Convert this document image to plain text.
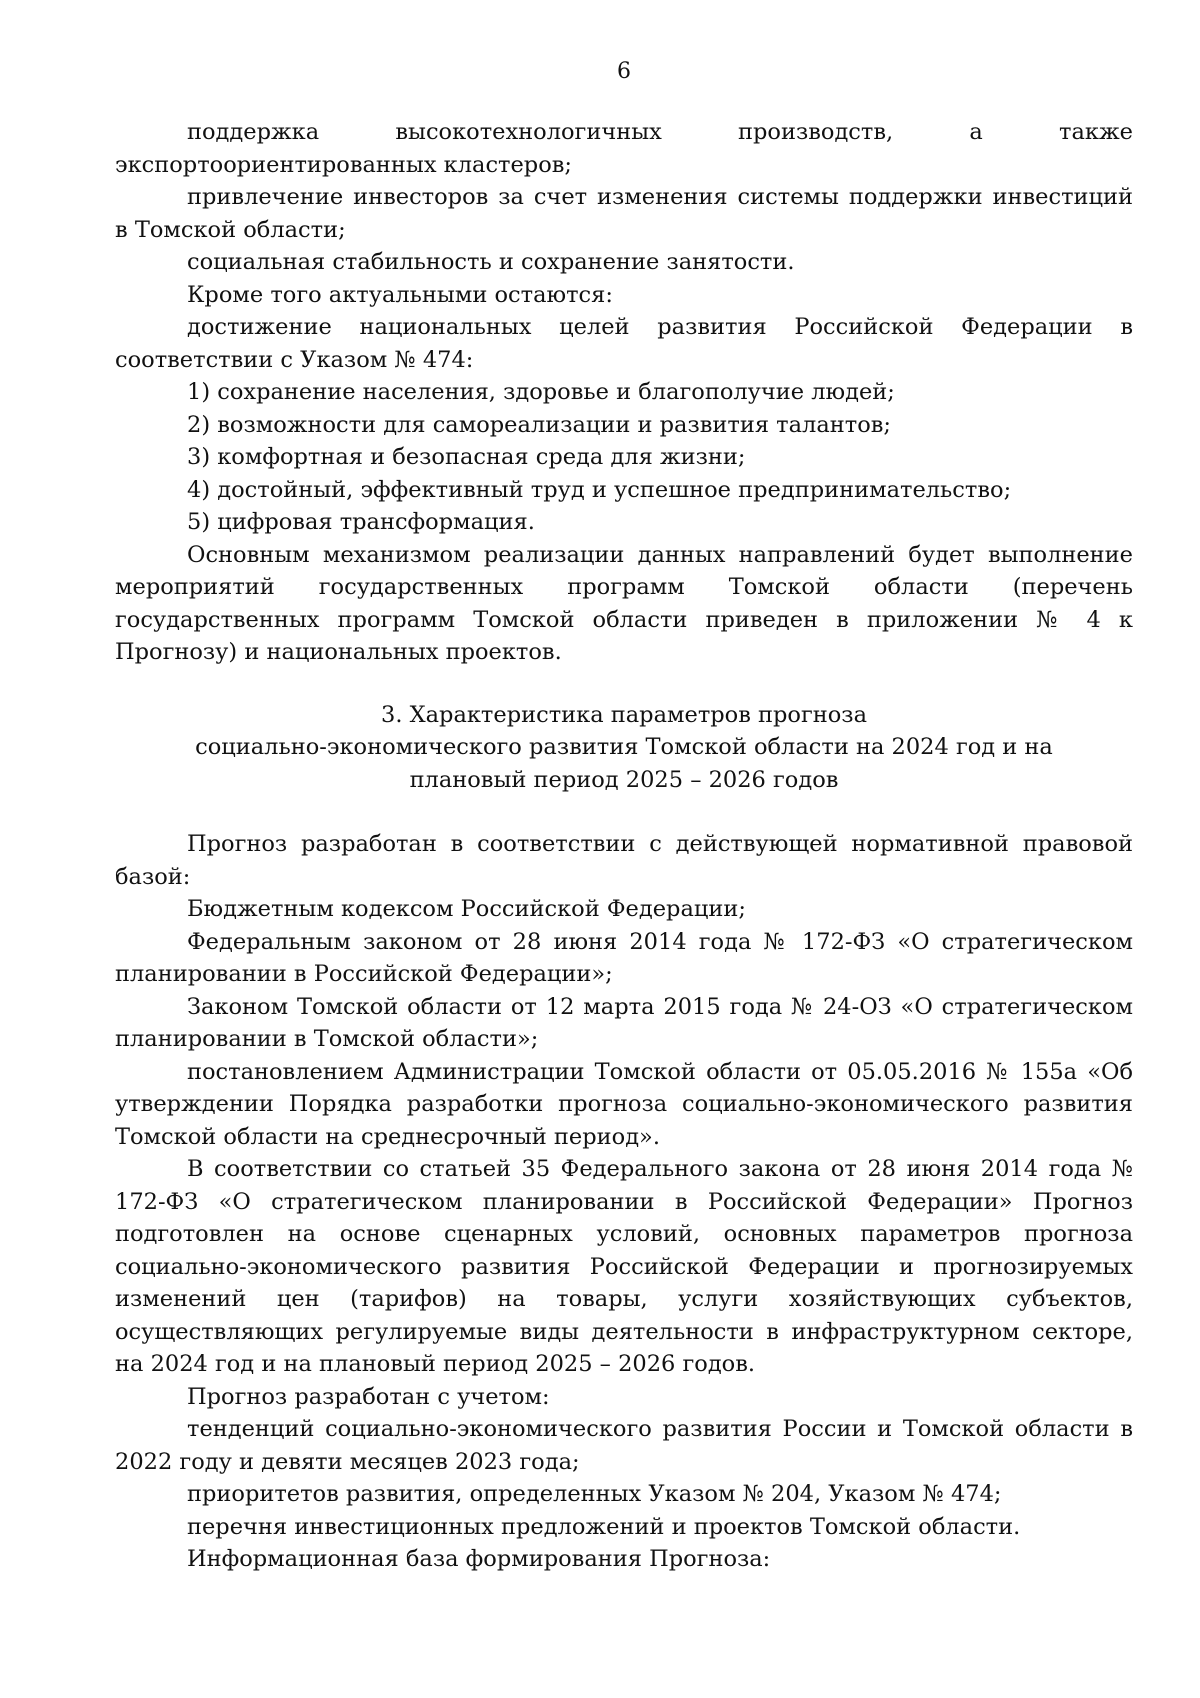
6

поддержка высокотехнологичных производств, а также экспортоориентированных кластеров;

привлечение инвесторов за счет изменения системы поддержки инвестиций в Томской области;

социальная стабильность и сохранение занятости.

Кроме того актуальными остаются:

достижение национальных целей развития Российской Федерации в соответствии с Указом № 474:

1) сохранение населения, здоровье и благополучие людей;

2) возможности для самореализации и развития талантов;

3) комфортная и безопасная среда для жизни;

4) достойный, эффективный труд и успешное предпринимательство;

5) цифровая трансформация.

Основным механизмом реализации данных направлений будет выполнение мероприятий государственных программ Томской области (перечень государственных программ Томской области приведен в приложении № 4 к Прогнозу) и национальных проектов.

3. Характеристика параметров прогноза

социально-экономического развития Томской области на 2024 год и на

плановый период 2025 – 2026 годов

Прогноз разработан в соответствии с действующей нормативной правовой базой:

Бюджетным кодексом Российской Федерации;

Федеральным законом от 28 июня 2014 года № 172-ФЗ «О стратегическом планировании в Российской Федерации»;

Законом Томской области от 12 марта 2015 года № 24-ОЗ «О стратегическом планировании в Томской области»;

постановлением Администрации Томской области от 05.05.2016 № 155а «Об утверждении Порядка разработки прогноза социально-экономического развития Томской области на среднесрочный период».

В соответствии со статьей 35 Федерального закона от 28 июня 2014 года № 172-ФЗ «О стратегическом планировании в Российской Федерации» Прогноз подготовлен на основе сценарных условий, основных параметров прогноза социально-экономического развития Российской Федерации и прогнозируемых изменений цен (тарифов) на товары, услуги хозяйствующих субъектов, осуществляющих регулируемые виды деятельности в инфраструктурном секторе, на 2024 год и на плановый период 2025 – 2026 годов.

Прогноз разработан с учетом:

тенденций социально-экономического развития России и Томской области в 2022 году и девяти месяцев 2023 года;

приоритетов развития, определенных Указом № 204, Указом № 474;

перечня инвестиционных предложений и проектов Томской области.

Информационная база формирования Прогноза:
